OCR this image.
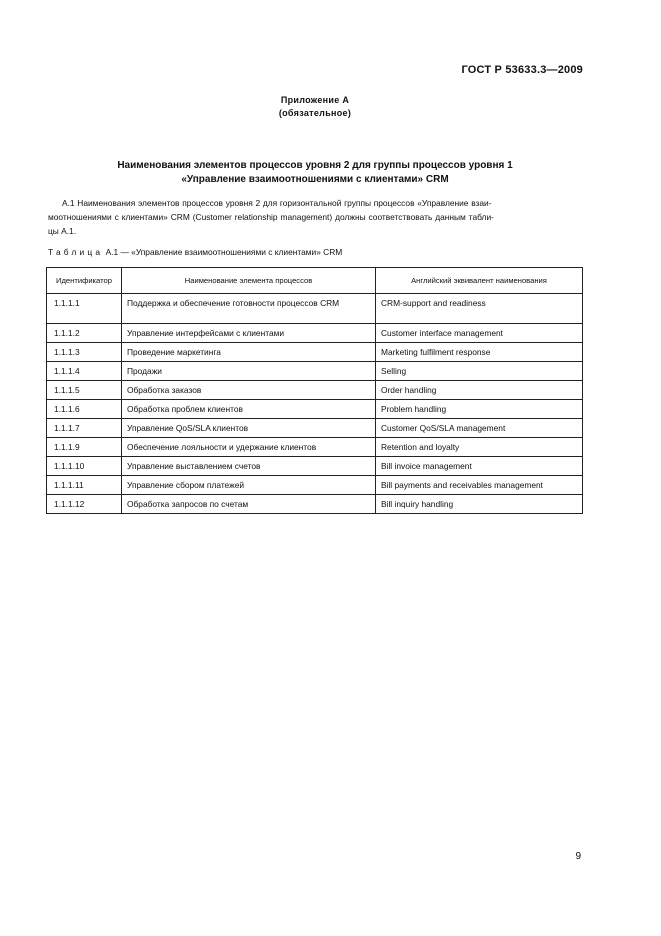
ГОСТ Р 53633.3—2009
Приложение А
(обязательное)
Наименования элементов процессов уровня 2 для группы процессов уровня 1
«Управление взаимоотношениями с клиентами» CRM
А.1 Наименования элементов процессов уровня 2 для горизонтальной группы процессов «Управление взаи-
моотношениями с клиентами» CRM (Customer relationship management) должны соответствовать данным табли-
цы А.1.
Таблица А.1 — «Управление взаимоотношениями с клиентами» CRM
Идентификатор	Наименование элемента процессов	Английский эквивалент наименования
1.1.1.1	Поддержка и обеспечение готовности процессов CRM	CRM-support and readiness
1.1.1.2	Управление интерфейсами с клиентами	Customer interface management
1.1.1.3	Проведение маркетинга	Marketing fulfilment response
1.1.1.4	Продажи	Selling
1.1.1.5	Обработка заказов	Order handling
1.1.1.6	Обработка проблем клиентов	Problem handling
1.1.1.7	Управление QoS/SLA клиентов	Customer QoS/SLA management
1.1.1.9	Обеспечение лояльности и удержание клиентов	Retention and loyalty
1.1.1.10	Управление выставлением счетов	Bill invoice management
1.1.1.11	Управление сбором платежей	Bill payments and receivables management
1.1.1.12	Обработка запросов по счетам	Bill inquiry handling
9
